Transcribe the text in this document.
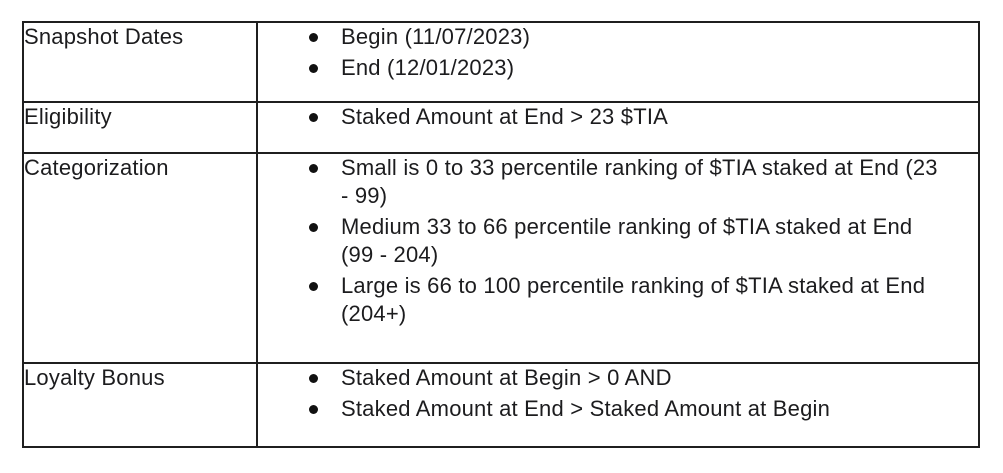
Snapshot Dates	Begin (11/07/2023)
End (12/01/2023)

Eligibility	Staked Amount at End > 23 $TIA

Categorization	Small is 0 to 33 percentile ranking of $TIA staked at End (23 - 99)
Medium 33 to 66 percentile ranking of $TIA staked at End (99 - 204)
Large is 66 to 100 percentile ranking of $TIA staked at End (204+)

Loyalty Bonus	Staked Amount at Begin > 0 AND
Staked Amount at End > Staked Amount at Begin
